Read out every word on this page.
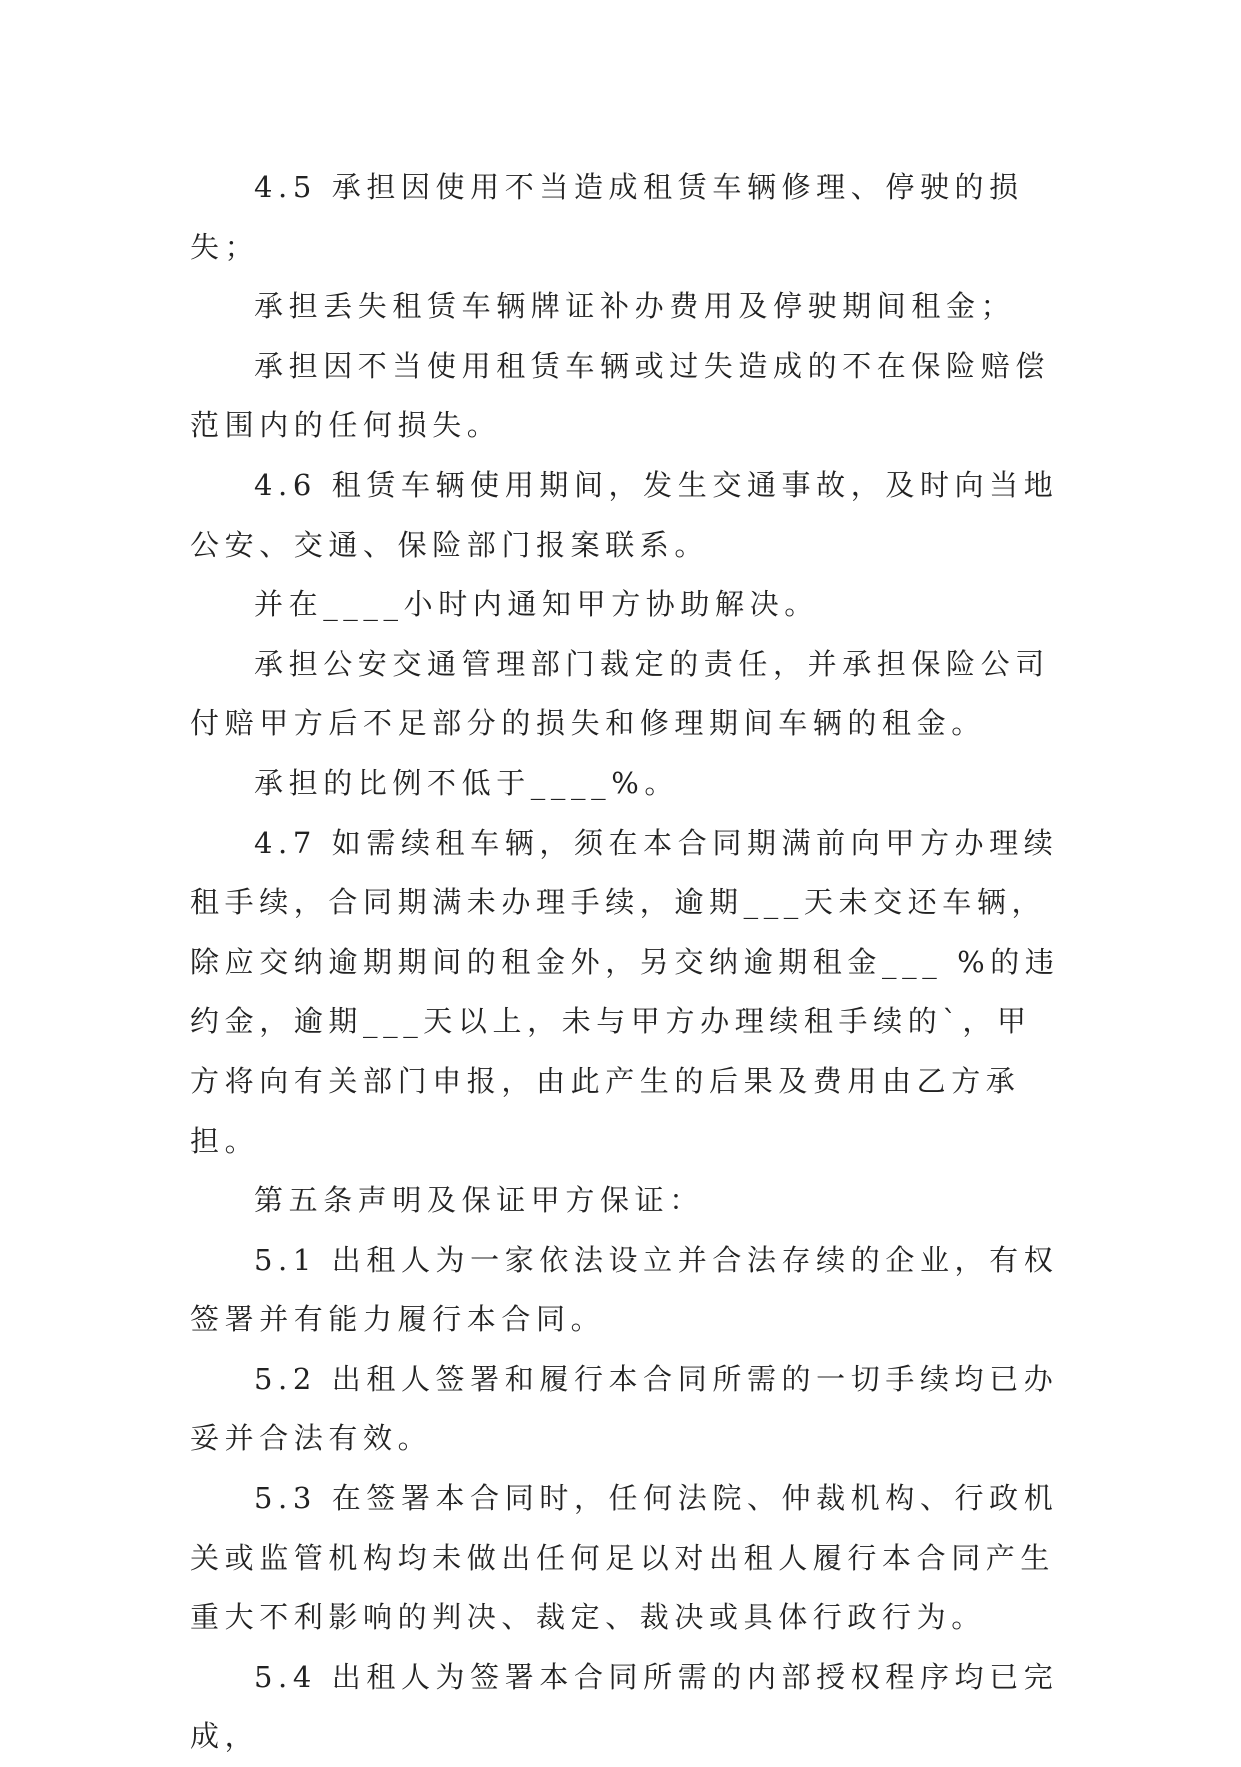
4.5 承担因使用不当造成租赁车辆修理、停驶的损失；

承担丢失租赁车辆牌证补办费用及停驶期间租金；

承担因不当使用租赁车辆或过失造成的不在保险赔偿范围内的任何损失。

4.6 租赁车辆使用期间，发生交通事故，及时向当地公安、交通、保险部门报案联系。

并在____小时内通知甲方协助解决。

承担公安交通管理部门裁定的责任，并承担保险公司付赔甲方后不足部分的损失和修理期间车辆的租金。

承担的比例不低于____%。

4.7 如需续租车辆，须在本合同期满前向甲方办理续租手续，合同期满未办理手续，逾期___天未交还车辆，除应交纳逾期期间的租金外，另交纳逾期租金___ %的违约金，逾期___天以上，未与甲方办理续租手续的`，甲方将向有关部门申报，由此产生的后果及费用由乙方承担。

第五条声明及保证甲方保证：

5.1 出租人为一家依法设立并合法存续的企业，有权签署并有能力履行本合同。

5.2 出租人签署和履行本合同所需的一切手续均已办妥并合法有效。

5.3 在签署本合同时，任何法院、仲裁机构、行政机关或监管机构均未做出任何足以对出租人履行本合同产生重大不利影响的判决、裁定、裁决或具体行政行为。

5.4 出租人为签署本合同所需的内部授权程序均已完成，
